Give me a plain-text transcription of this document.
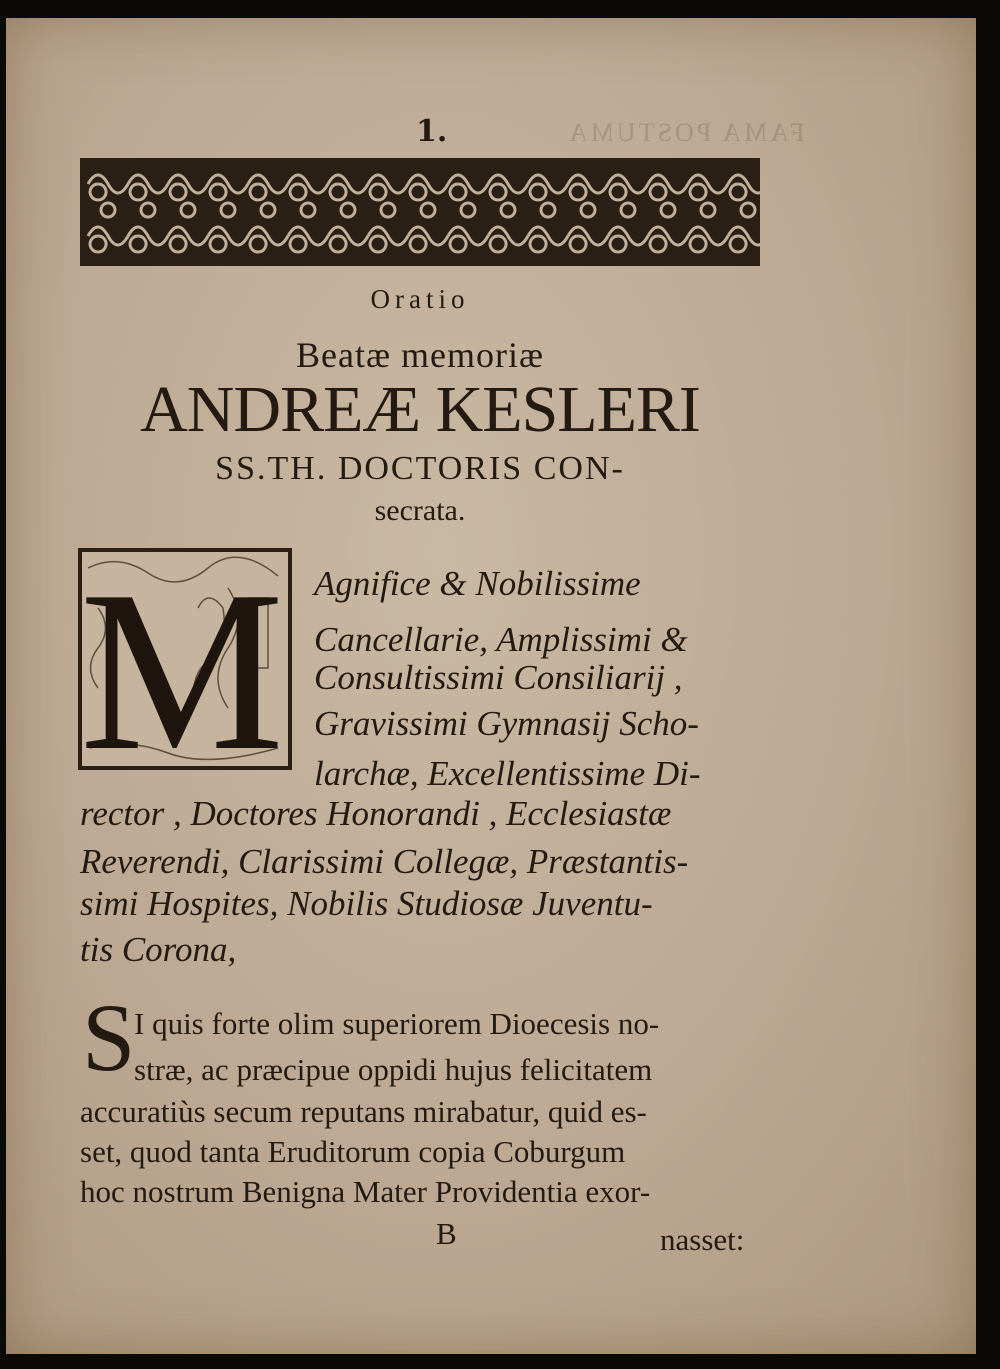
FAMA POSTUMA
1.
Oratio
Beatæ memoriæ
ANDREÆ KESLERI
SS.TH. DOCTORIS CON-
secrata.
M Agnifice & Nobilissime
Cancellarie, Amplissimi &
Consultissimi Consiliarij ,
Gravissimi Gymnasij Scho-
larchæ, Excellentissime Di-
rector , Doctores Honorandi , Ecclesiastæ
Reverendi, Clarissimi Collegæ, Præstantis-
simi Hospites, Nobilis Studiosæ Juventu-
tis Corona,
S
I quis forte olim superiorem Dioecesis no-
stræ, ac præcipue oppidi hujus felicitatem
accuratiùs secum reputans mirabatur, quid es-
set, quod tanta Eruditorum copia Coburgum
hoc nostrum Benigna Mater Providentia exor-
B	nasset:
